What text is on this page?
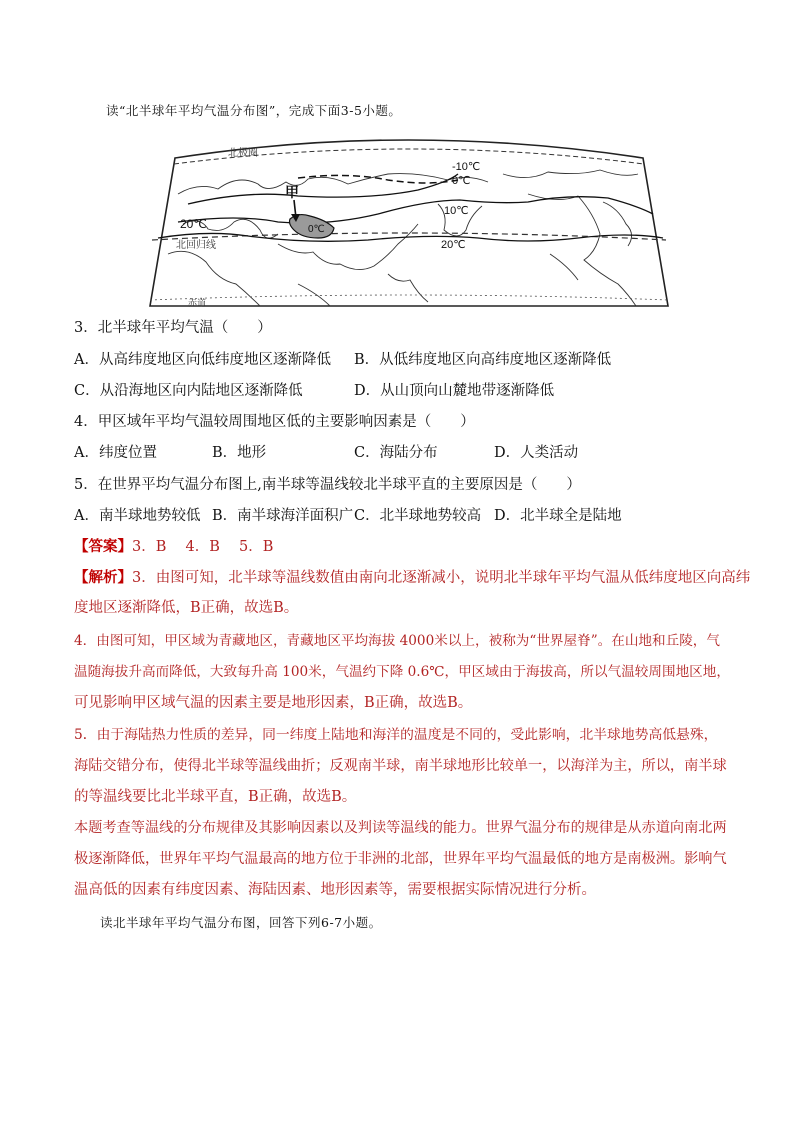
读“北半球年平均气温分布图”，完成下面3-5小题。
北极圈
北回归线
赤道
甲
-10℃
0℃
10℃
20℃
20℃
0℃
3．北半球年平均气温（　　）
A．从高纬度地区向低纬度地区逐渐降低 B．从低纬度地区向高纬度地区逐渐降低
C．从沿海地区向内陆地区逐渐降低	D．从山顶向山麓地带逐渐降低
4．甲区域年平均气温较周围地区低的主要影响因素是（　　）
A．纬度位置	B．地形	C．海陆分布	D．人类活动
5．在世界平均气温分布图上,南半球等温线较北半球平直的主要原因是（　　）
A．南半球地势较低 B．南半球海洋面积广 C．北半球地势较高 D．北半球全是陆地
【答案】3．B　 4．B　 5．B
【解析】3．由图可知，北半球等温线数值由南向北逐渐减小，说明北半球年平均气温从低纬度地区向高纬
度地区逐渐降低，B正确，故选B。
4．由图可知，甲区域为青藏地区，青藏地区平均海拔 4000米以上，被称为“世界屋脊”。在山地和丘陵，气
温随海拔升高而降低，大致每升高 100米，气温约下降 0.6℃，甲区域由于海拔高，所以气温较周围地区地，
可见影响甲区域气温的因素主要是地形因素，B正确，故选B。
5．由于海陆热力性质的差异，同一纬度上陆地和海洋的温度是不同的，受此影响，北半球地势高低悬殊，
海陆交错分布，使得北半球等温线曲折；反观南半球，南半球地形比较单一，以海洋为主，所以，南半球
的等温线要比北半球平直，B正确，故选B。
本题考查等温线的分布规律及其影响因素以及判读等温线的能力。世界气温分布的规律是从赤道向南北两
极逐渐降低，世界年平均气温最高的地方位于非洲的北部，世界年平均气温最低的地方是南极洲。影响气
温高低的因素有纬度因素、海陆因素、地形因素等，需要根据实际情况进行分析。
读北半球年平均气温分布图，回答下列6-7小题。
